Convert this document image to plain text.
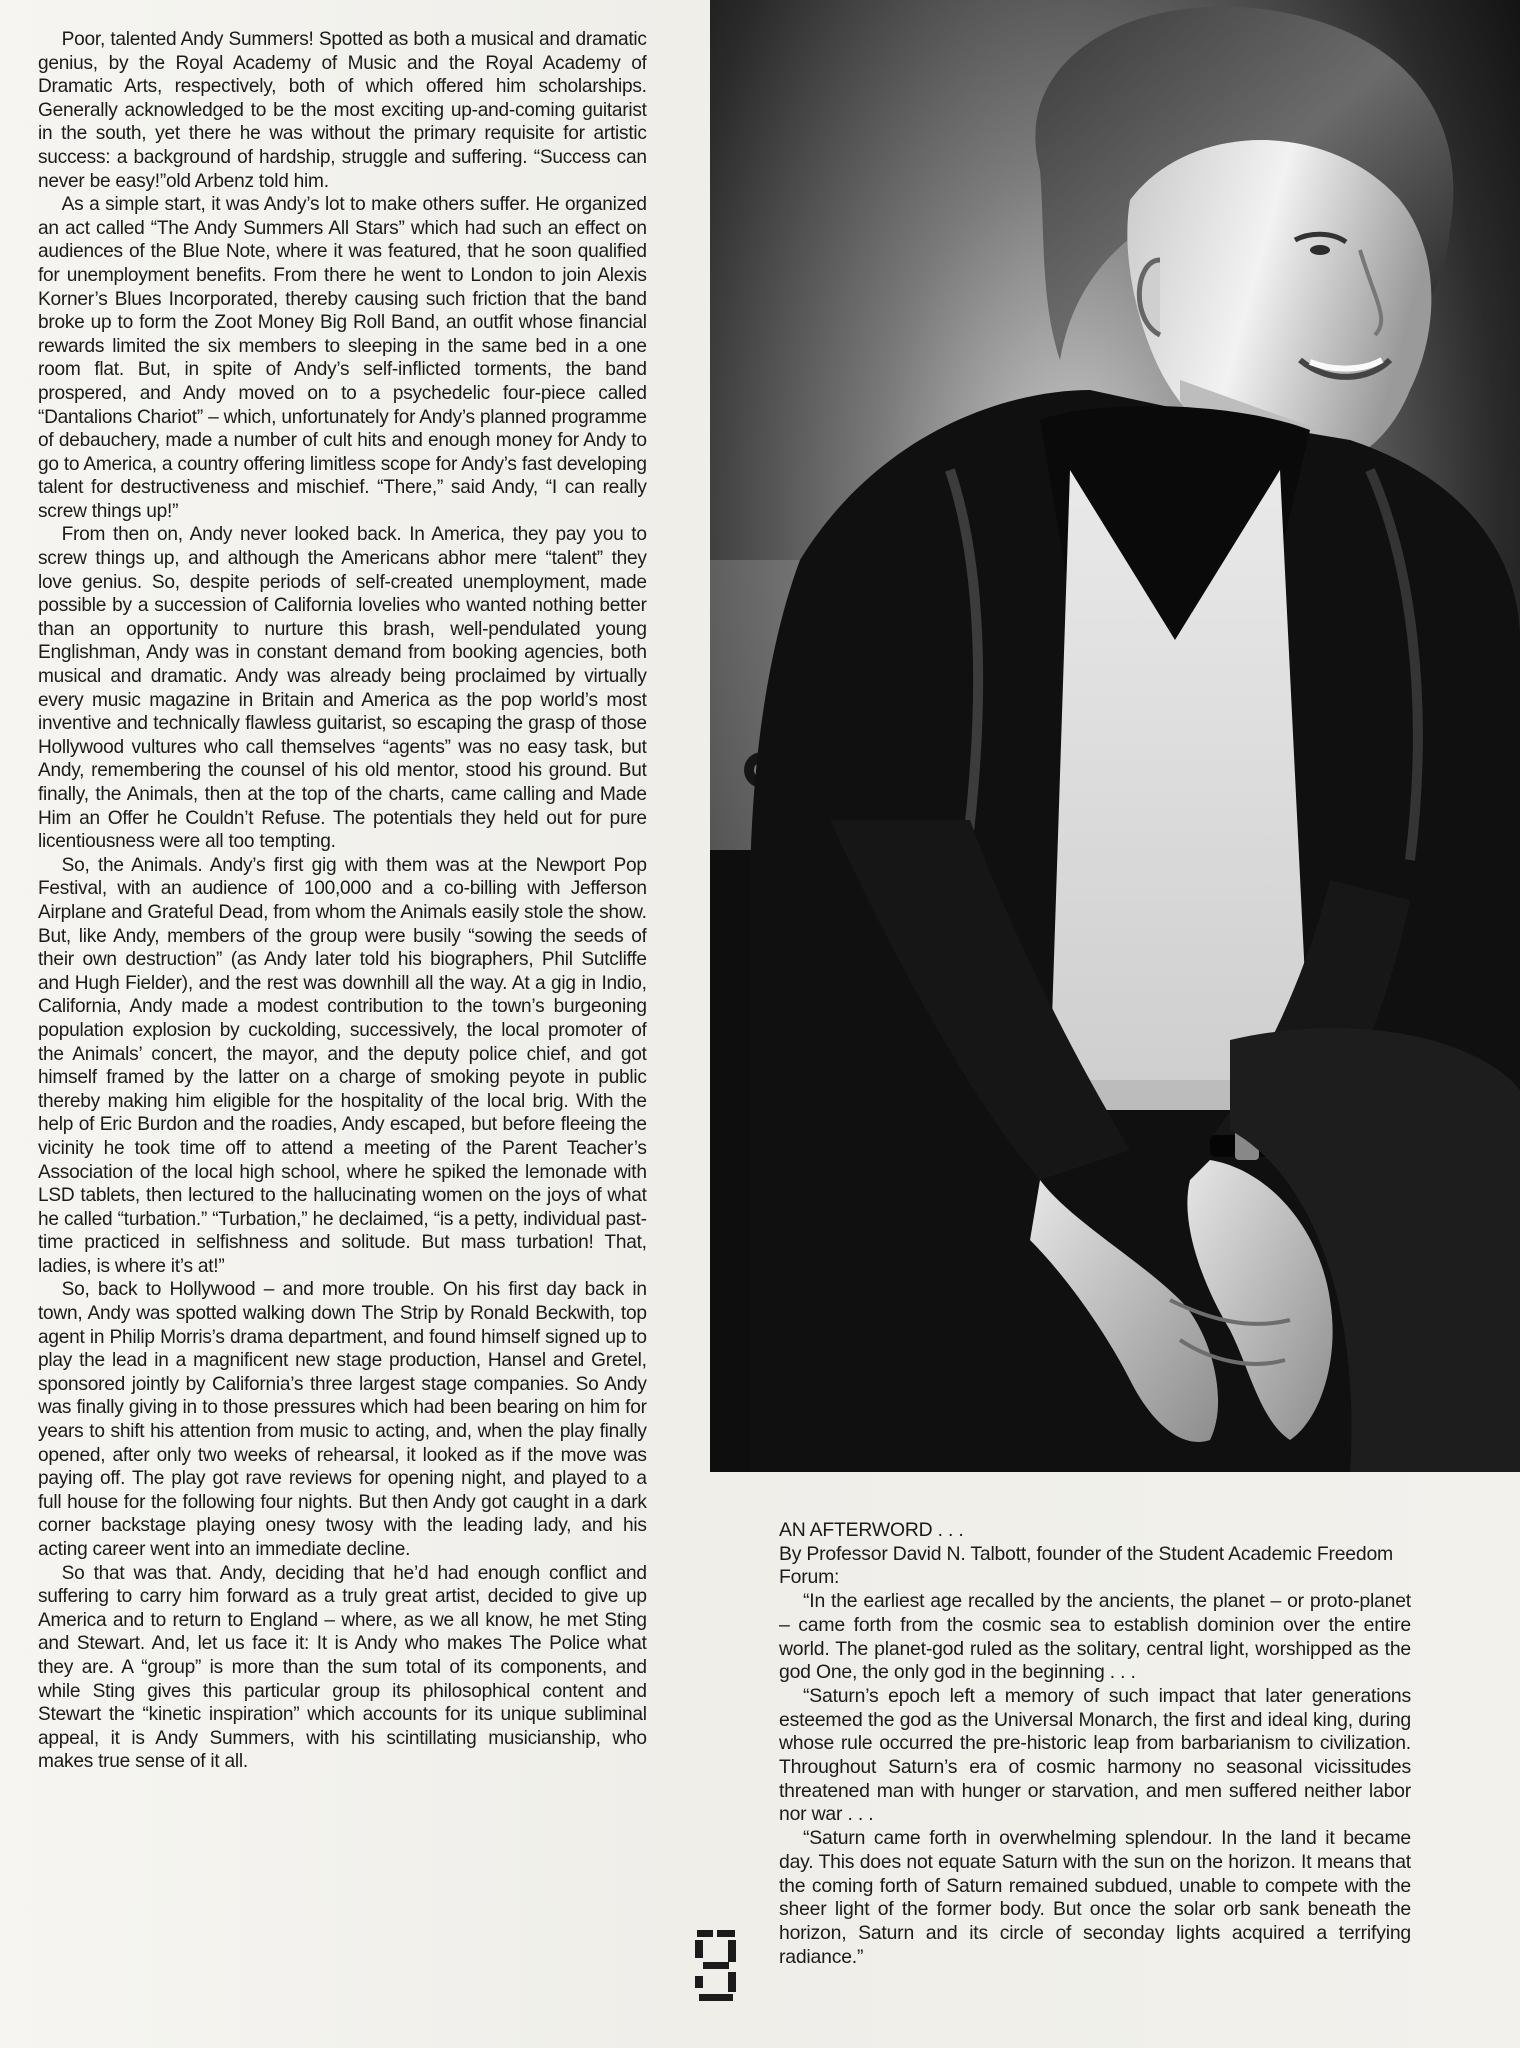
Poor, talented Andy Summers! Spotted as both a musical and dramatic genius, by the Royal Academy of Music and the Royal Academy of Dramatic Arts, respectively, both of which offered him scholarships. Generally acknowledged to be the most exciting up-and-coming guitarist in the south, yet there he was without the primary requisite for artistic success: a background of hardship, struggle and suffering. “Success can never be easy!”old Arbenz told him.

As a simple start, it was Andy’s lot to make others suffer. He organized an act called “The Andy Summers All Stars” which had such an effect on audiences of the Blue Note, where it was featured, that he soon qualified for unemployment benefits. From there he went to London to join Alexis Korner’s Blues Incorporated, thereby causing such friction that the band broke up to form the Zoot Money Big Roll Band, an outfit whose financial rewards limited the six members to sleeping in the same bed in a one room flat. But, in spite of Andy’s self-inflicted torments, the band prospered, and Andy moved on to a psychedelic four-piece called “Dantalions Chariot” – which, unfortunately for Andy’s planned programme of debauchery, made a number of cult hits and enough money for Andy to go to America, a country offering limitless scope for Andy’s fast developing talent for destructiveness and mischief. “There,” said Andy, “I can really screw things up!”

From then on, Andy never looked back. In America, they pay you to screw things up, and although the Americans abhor mere “talent” they love genius. So, despite periods of self-created unemployment, made possible by a succession of California lovelies who wanted nothing better than an opportunity to nurture this brash, well-pendulated young Englishman, Andy was in constant demand from booking agencies, both musical and dramatic. Andy was already being proclaimed by virtually every music magazine in Britain and America as the pop world’s most inventive and technically flawless guitarist, so escaping the grasp of those Hollywood vultures who call themselves “agents” was no easy task, but Andy, remembering the counsel of his old mentor, stood his ground. But finally, the Animals, then at the top of the charts, came calling and Made Him an Offer he Couldn’t Refuse. The potentials they held out for pure licentiousness were all too tempting.

So, the Animals. Andy’s first gig with them was at the Newport Pop Festival, with an audience of 100,000 and a co-billing with Jefferson Airplane and Grateful Dead, from whom the Animals easily stole the show. But, like Andy, members of the group were busily “sowing the seeds of their own destruction” (as Andy later told his biographers, Phil Sutcliffe and Hugh Fielder), and the rest was downhill all the way. At a gig in Indio, California, Andy made a modest contribution to the town’s burgeoning population explosion by cuckolding, successively, the local promoter of the Animals’ concert, the mayor, and the deputy police chief, and got himself framed by the latter on a charge of smoking peyote in public thereby making him eligible for the hospitality of the local brig. With the help of Eric Burdon and the roadies, Andy escaped, but before fleeing the vicinity he took time off to attend a meeting of the Parent Teacher’s Association of the local high school, where he spiked the lemonade with LSD tablets, then lectured to the hallucinating women on the joys of what he called “turbation.” “Turbation,” he declaimed, “is a petty, individual past-time practiced in selfishness and solitude. But mass turbation! That, ladies, is where it’s at!”

So, back to Hollywood – and more trouble. On his first day back in town, Andy was spotted walking down The Strip by Ronald Beckwith, top agent in Philip Morris’s drama department, and found himself signed up to play the lead in a magnificent new stage production, Hansel and Gretel, sponsored jointly by California’s three largest stage companies. So Andy was finally giving in to those pressures which had been bearing on him for years to shift his attention from music to acting, and, when the play finally opened, after only two weeks of rehearsal, it looked as if the move was paying off. The play got rave reviews for opening night, and played to a full house for the following four nights. But then Andy got caught in a dark corner backstage playing onesy twosy with the leading lady, and his acting career went into an immediate decline.

So that was that. Andy, deciding that he’d had enough conflict and suffering to carry him forward as a truly great artist, decided to give up America and to return to England – where, as we all know, he met Sting and Stewart. And, let us face it: It is Andy who makes The Police what they are. A “group” is more than the sum total of its components, and while Sting gives this particular group its philosophical content and Stewart the “kinetic inspiration” which accounts for its unique subliminal appeal, it is Andy Summers, with his scintillating musicianship, who makes true sense of it all.

AN AFTERWORD . . .

By Professor David N. Talbott, founder of the Student Academic Freedom Forum:

“In the earliest age recalled by the ancients, the planet – or proto-planet – came forth from the cosmic sea to establish dominion over the entire world. The planet-god ruled as the solitary, central light, worshipped as the god One, the only god in the beginning . . .

“Saturn’s epoch left a memory of such impact that later generations esteemed the god as the Universal Monarch, the first and ideal king, during whose rule occurred the pre-historic leap from barbarianism to civilization. Throughout Saturn’s era of cosmic harmony no seasonal vicissitudes threatened man with hunger or starvation, and men suffered neither labor nor war . . .

“Saturn came forth in overwhelming splendour. In the land it became day. This does not equate Saturn with the sun on the horizon. It means that the coming forth of Saturn remained subdued, unable to compete with the sheer light of the former body. But once the solar orb sank beneath the horizon, Saturn and its circle of seconday lights acquired a terrifying radiance.”
